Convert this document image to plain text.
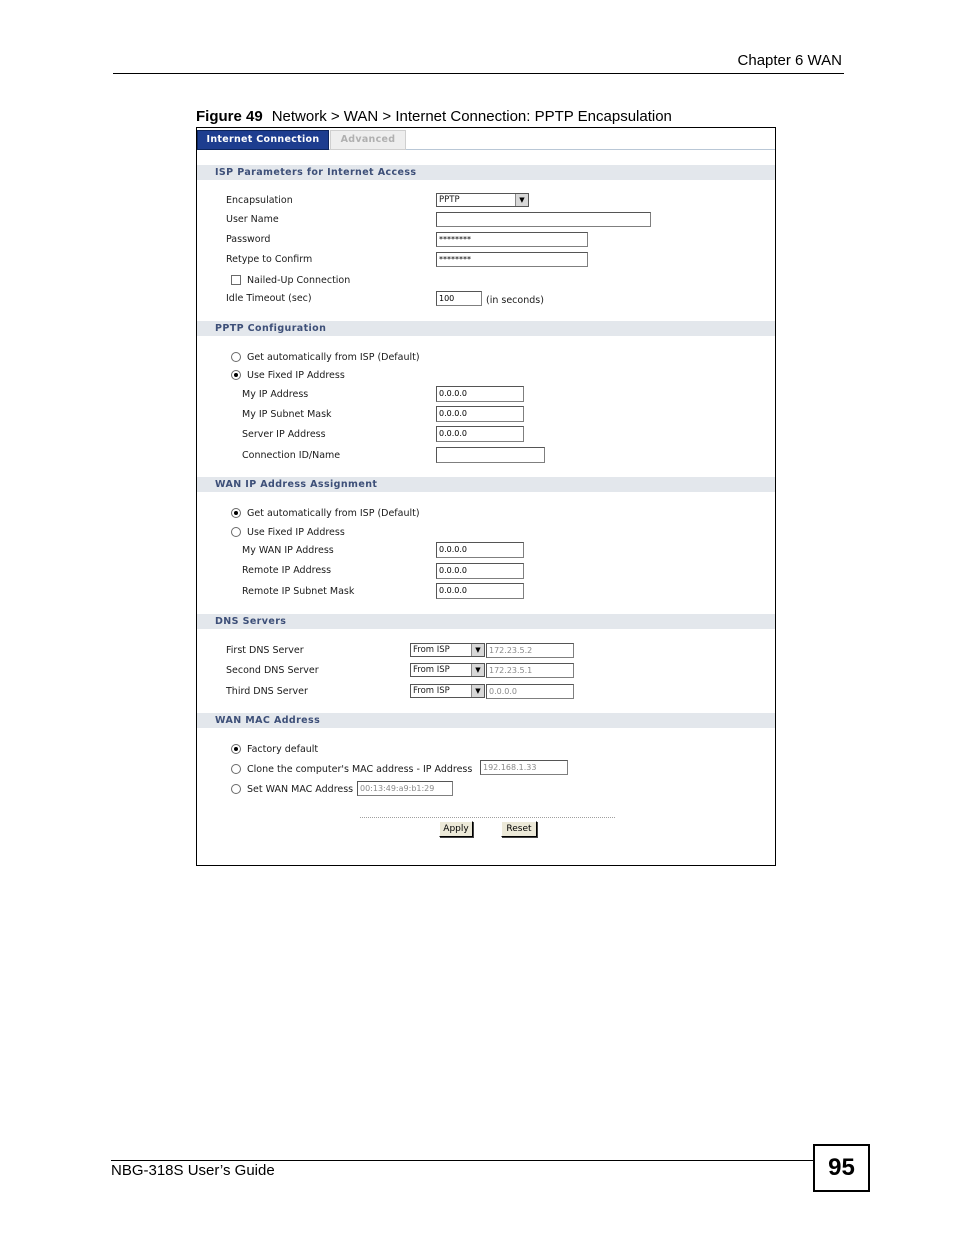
Chapter 6 WAN
Figure 49 Network > WAN > Internet Connection: PPTP Encapsulation
Internet Connection	Advanced
ISP Parameters for Internet Access
Encapsulation	PPTP	▼
User Name
Password	********
Retype to Confirm	********
Nailed-Up Connection
Idle Timeout (sec)	100	(in seconds)
PPTP Configuration
Get automatically from ISP (Default)
Use Fixed IP Address
My IP Address	0.0.0.0
My IP Subnet Mask	0.0.0.0
Server IP Address	0.0.0.0
Connection ID/Name
WAN IP Address Assignment
Get automatically from ISP (Default)
Use Fixed IP Address
My WAN IP Address	0.0.0.0
Remote IP Address	0.0.0.0
Remote IP Subnet Mask	0.0.0.0
DNS Servers
First DNS Server	From ISP	▼	172.23.5.2
Second DNS Server	From ISP	▼	172.23.5.1
Third DNS Server	From ISP	▼	0.0.0.0
WAN MAC Address
Factory default
Clone the computer's MAC address - IP Address	192.168.1.33
Set WAN MAC Address 00:13:49:a9:b1:29
Apply	Reset
NBG-318S User’s Guide	95
